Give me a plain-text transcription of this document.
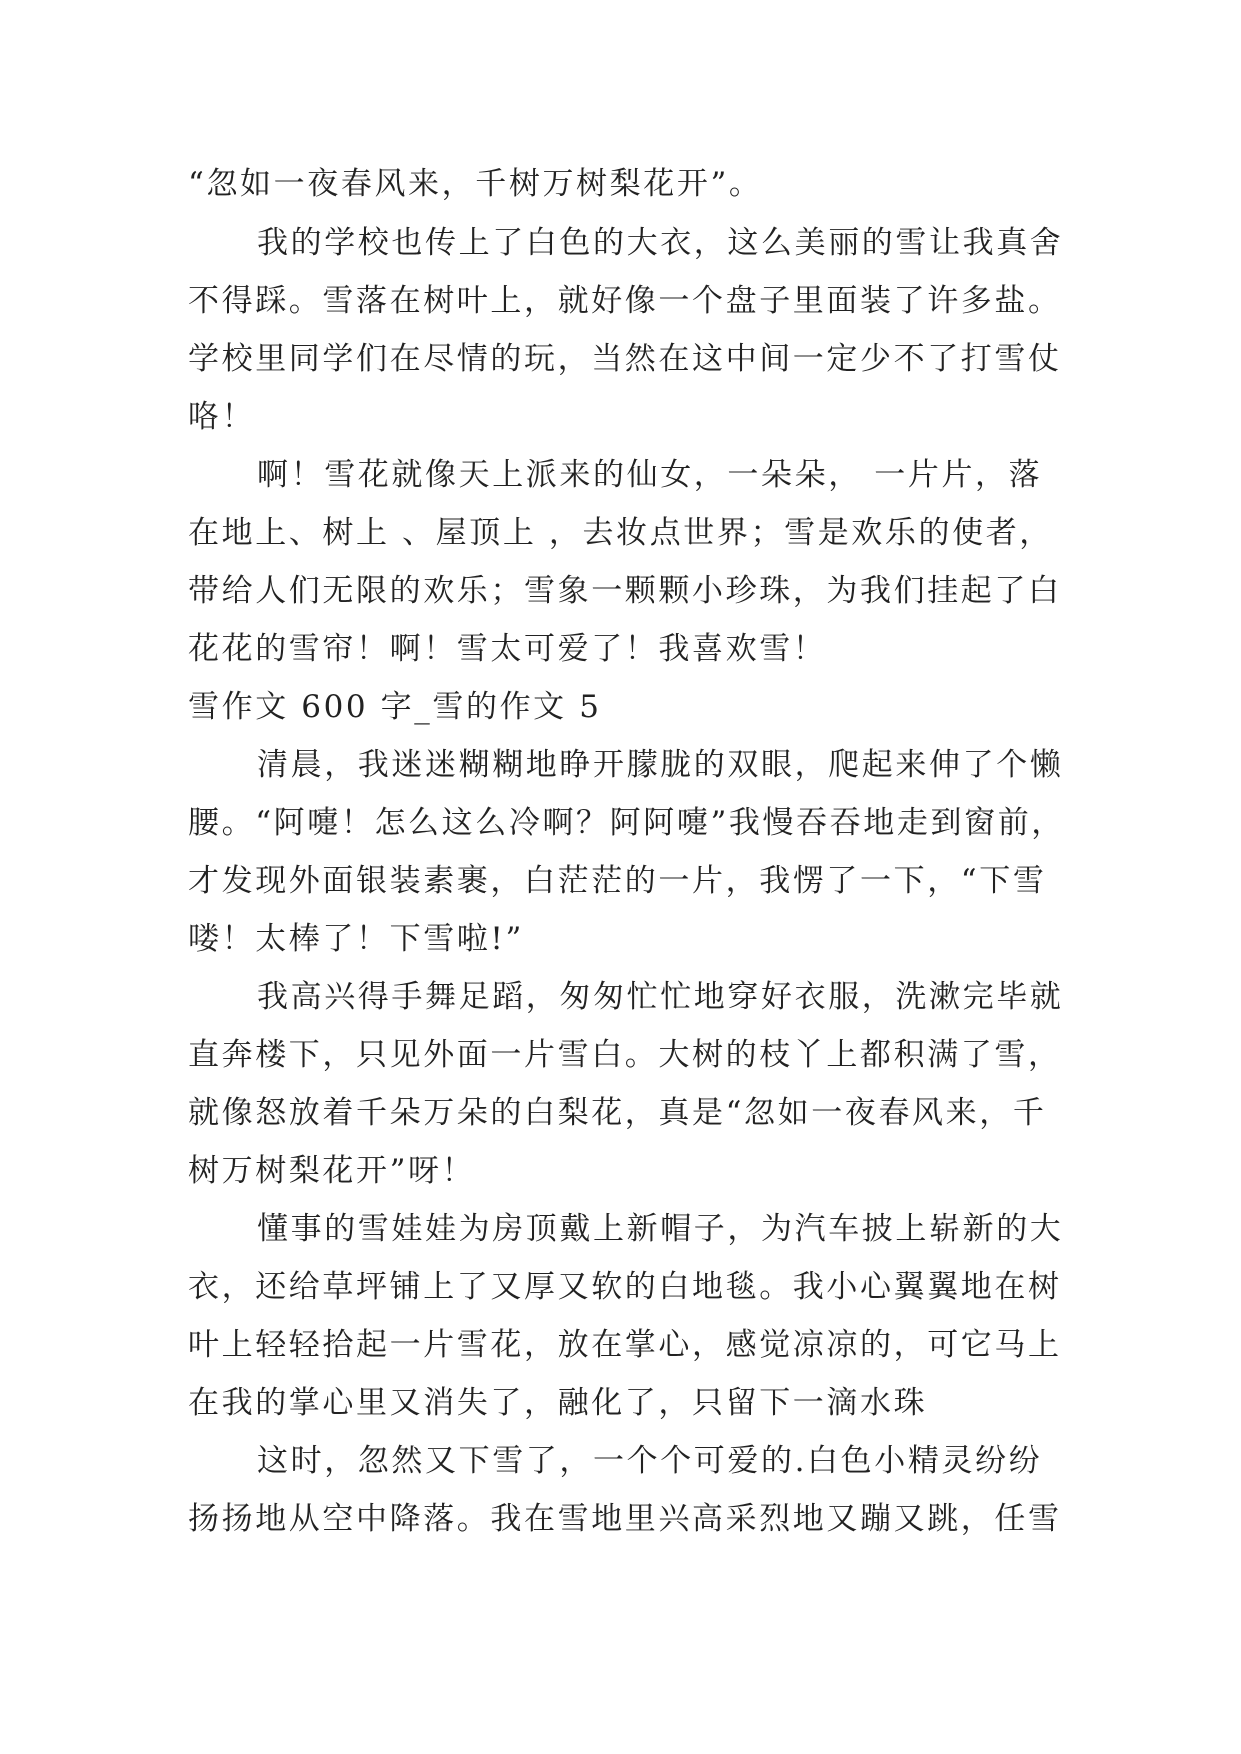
“忽如一夜春风来，千树万树梨花开”。
我的学校也传上了白色的大衣，这么美丽的雪让我真舍
不得踩。雪落在树叶上，就好像一个盘子里面装了许多盐。
学校里同学们在尽情的玩，当然在这中间一定少不了打雪仗
咯！
啊！雪花就像天上派来的仙女，一朵朵， 一片片，落
在地上、树上 、屋顶上 ，去妆点世界；雪是欢乐的使者，
带给人们无限的欢乐；雪象一颗颗小珍珠，为我们挂起了白
花花的雪帘！啊！雪太可爱了！我喜欢雪！
雪作文 600 字_雪的作文 5
清晨，我迷迷糊糊地睁开朦胧的双眼，爬起来伸了个懒
腰。“阿嚏！怎么这么冷啊？阿阿嚏”我慢吞吞地走到窗前，
才发现外面银装素裹，白茫茫的一片，我愣了一下，“下雪
喽！太棒了！下雪啦!”
我高兴得手舞足蹈，匆匆忙忙地穿好衣服，洗漱完毕就
直奔楼下，只见外面一片雪白。大树的枝丫上都积满了雪，
就像怒放着千朵万朵的白梨花，真是“忽如一夜春风来，千
树万树梨花开”呀！
懂事的雪娃娃为房顶戴上新帽子，为汽车披上崭新的大
衣，还给草坪铺上了又厚又软的白地毯。我小心翼翼地在树
叶上轻轻拾起一片雪花，放在掌心，感觉凉凉的，可它马上
在我的掌心里又消失了，融化了，只留下一滴水珠
这时，忽然又下雪了，一个个可爱的.白色小精灵纷纷
扬扬地从空中降落。我在雪地里兴高采烈地又蹦又跳，任雪
